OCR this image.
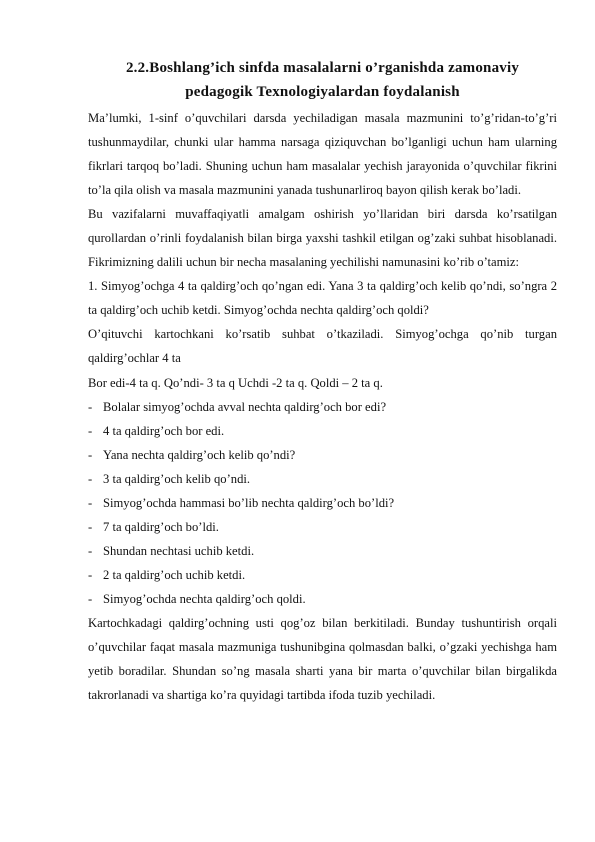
2.2.Boshlang’ich sinfda masalalarni o’rganishda zamonaviy
pedagogik Texnologiyalardan foydalanish

Ma’lumki, 1-sinf o’quvchilari darsda yechiladigan masala mazmunini to’g’ridan-to’g’ri tushunmaydilar, chunki ular hamma narsaga qiziquvchan bo’lganligi uchun ham ularning fikrlari tarqoq bo’ladi. Shuning uchun ham masalalar yechish jarayonida o’quvchilar fikrini to’la qila olish va masala mazmunini yanada tushunarliroq bayon qilish kerak bo’ladi.

Bu vazifalarni muvaffaqiyatli amalgam oshirish yo’llaridan biri darsda ko’rsatilgan qurollardan o’rinli foydalanish bilan birga yaxshi tashkil etilgan og’zaki suhbat hisoblanadi. Fikrimizning dalili uchun bir necha masalaning yechilishi namunasini ko’rib o’tamiz:

1. Simyog’ochga 4 ta qaldirg’och qo’ngan edi. Yana 3 ta qaldirg’och kelib qo’ndi, so’ngra 2 ta qaldirg’och uchib ketdi. Simyog’ochda nechta qaldirg’och qoldi?

O’qituvchi kartochkani ko’rsatib suhbat o’tkaziladi. Simyog’ochga qo’nib turgan qaldirg’ochlar 4 ta

Bor edi-4 ta q. Qo’ndi- 3 ta q Uchdi -2 ta q. Qoldi – 2 ta q.

- Bolalar simyog’ochda avval nechta qaldirg’och bor edi?
- 4 ta qaldirg’och bor edi.
- Yana nechta qaldirg’och kelib qo’ndi?
- 3 ta qaldirg’och kelib qo’ndi.
- Simyog’ochda hammasi bo’lib nechta qaldirg’och bo’ldi?
- 7 ta qaldirg’och bo’ldi.
- Shundan nechtasi uchib ketdi.
- 2 ta qaldirg’och uchib ketdi.
- Simyog’ochda nechta qaldirg’och qoldi.

Kartochkadagi qaldirg’ochning usti qog’oz bilan berkitiladi. Bunday tushuntirish orqali o’quvchilar faqat masala mazmuniga tushunibgina qolmasdan balki, o’gzaki yechishga ham yetib boradilar. Shundan so’ng masala sharti yana bir marta o’quvchilar bilan birgalikda takrorlanadi va shartiga ko’ra quyidagi tartibda ifoda tuzib yechiladi.
